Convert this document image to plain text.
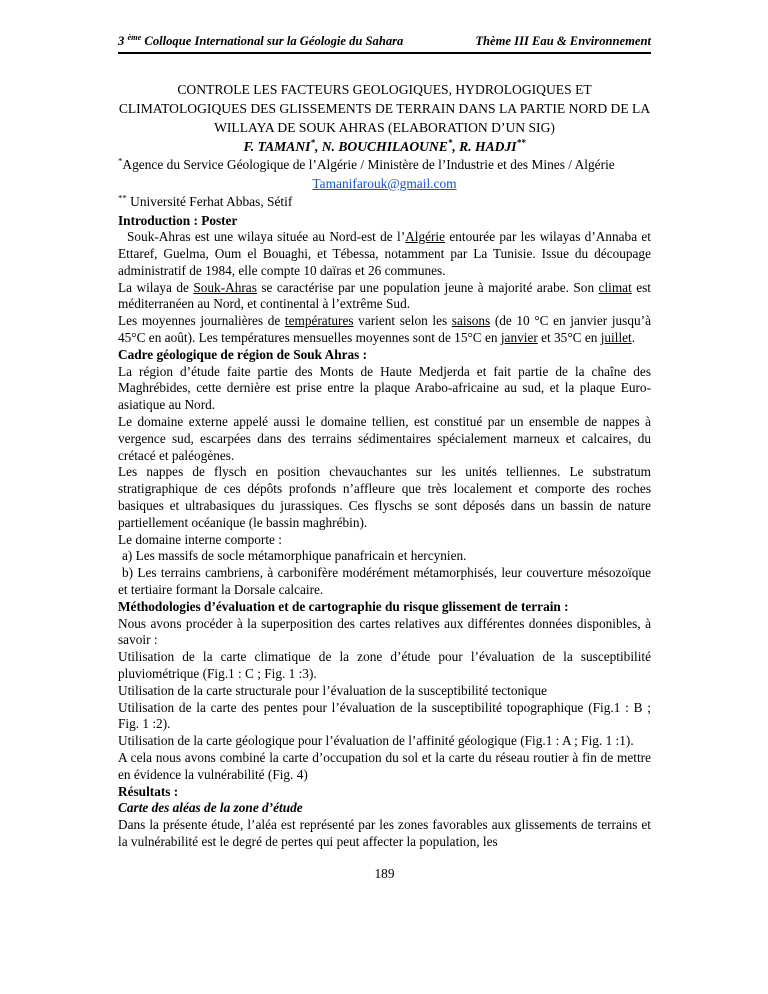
3 $^{ème}$ Colloque International sur la Géologie du Sahara	Thème III Eau & Environnement
CONTROLE LES FACTEURS GEOLOGIQUES, HYDROLOGIQUES ET CLIMATOLOGIQUES DES GLISSEMENTS DE TERRAIN DANS LA PARTIE NORD DE LA WILLAYA DE SOUK AHRAS (ELABORATION D’UN SIG)
F. TAMANI*, N. BOUCHILAOUNE*, R. HADJI**
*Agence du Service Géologique de l’Algérie / Ministère de l’Industrie et des Mines / Algérie
Tamanifarouk@gmail.com
** Université Ferhat Abbas, Sétif

Introduction : Poster

Souk-Ahras est une wilaya située au Nord-est de l’Algérie entourée par les wilayas d’Annaba et Ettaref, Guelma, Oum el Bouaghi, et Tébessa, notamment par La Tunisie. Issue du découpage administratif de 1984, elle compte 10 daïras et 26 communes.

La wilaya de Souk-Ahras se caractérise par une population jeune à majorité arabe. Son climat est méditerranéen au Nord, et continental à l’extrême Sud.

Les moyennes journalières de températures varient selon les saisons (de 10 °C en janvier jusqu’à 45°C en août). Les températures mensuelles moyennes sont de 15°C en janvier et 35°C en juillet.

Cadre géologique de région de Souk Ahras :

La région d’étude faite partie des Monts de Haute Medjerda et fait partie de la chaîne des Maghrébides, cette dernière est prise entre la plaque Arabo-africaine au sud, et la plaque Euro-asiatique au Nord.

Le domaine externe appelé aussi le domaine tellien, est constitué par un ensemble de nappes à vergence sud, escarpées dans des terrains sédimentaires spécialement marneux et calcaires, du crétacé et paléogènes.

Les nappes de flysch en position chevauchantes sur les unités telliennes. Le substratum stratigraphique de ces dépôts profonds n’affleure que très localement et comporte des roches basiques et ultrabasiques du jurassiques. Ces flyschs se sont déposés dans un bassin de nature partiellement océanique (le bassin maghrébin).

Le domaine interne comporte :

a) Les massifs de socle métamorphique panafricain et hercynien.

b) Les terrains cambriens, à carbonifère modérément métamorphisés, leur couverture mésozoïque et tertiaire formant la Dorsale calcaire.

Méthodologies d’évaluation et de cartographie du risque glissement de terrain :

Nous avons procéder à la superposition des cartes relatives aux différentes données disponibles, à savoir :

Utilisation de la carte climatique de la zone d’étude pour l’évaluation de la susceptibilité pluviométrique (Fig.1 : C ; Fig. 1 :3).

Utilisation de la carte structurale pour l’évaluation de la susceptibilité tectonique

Utilisation de la carte des pentes pour l’évaluation de la susceptibilité topographique (Fig.1 : B ; Fig. 1 :2).

Utilisation de la carte géologique pour l’évaluation de l’affinité géologique (Fig.1 : A ; Fig. 1 :1).

A cela nous avons combiné la carte d’occupation du sol et la carte du réseau routier à fin de mettre en évidence la vulnérabilité (Fig. 4)

Résultats :

Carte des aléas de la zone d’étude

Dans la présente étude, l’aléa est représenté par les zones favorables aux glissements de terrains et la vulnérabilité est le degré de pertes qui peut affecter la population, les

189
